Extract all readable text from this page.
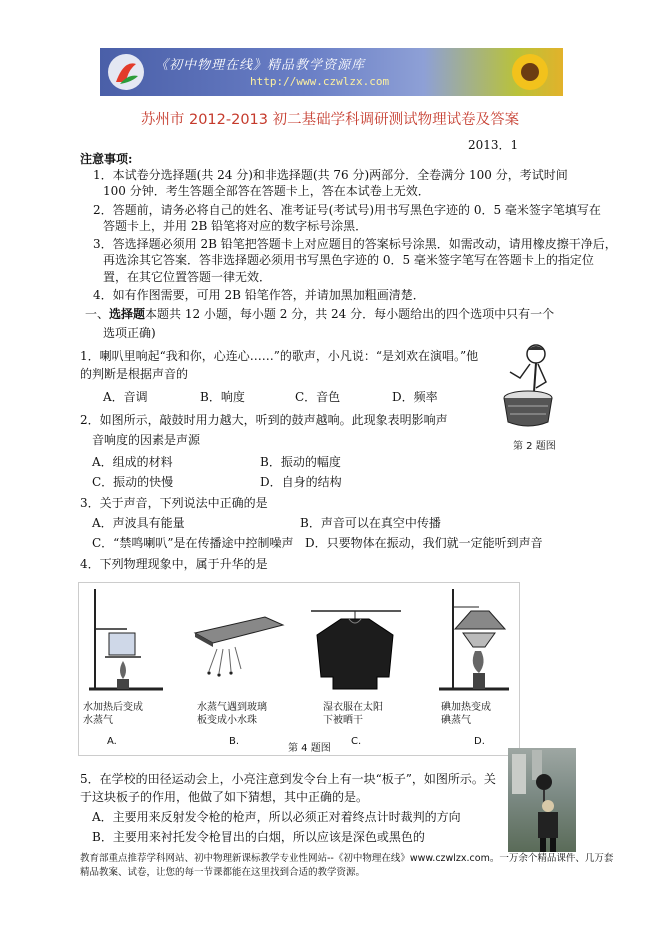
《初中物理在线》精品教学资源库
http://www.czwlzx.com
苏州市 2012-2013 初二基础学科调研测试物理试卷及答案
2013．1
注意事项:
1．本试卷分选择题(共 24 分)和非选择题(共 76 分)两部分．全卷满分 100 分，考试时间
100 分钟．考生答题全部答在答题卡上，答在本试卷上无效．
2．答题前，请务必将自己的姓名、准考证号(考试号)用书写黑色字迹的 0．5 毫米签字笔填写在
答题卡上，并用 2B 铅笔将对应的数字标号涂黑．
3．答选择题必须用 2B 铅笔把答题卡上对应题目的答案标号涂黑．如需改动，请用橡皮擦干净后，
再选涂其它答案．答非选择题必须用书写黑色字迹的 0．5 毫米签字笔写在答题卡上的指定位
置，在其它位置答题一律无效．
4．如有作图需要，可用 2B 铅笔作答，并请加黑加粗画清楚．
一、选择题本题共 12 小题，每小题 2 分，共 24 分．每小题给出的四个选项中只有一个
选项正确)
1．喇叭里响起“我和你，心连心……”的歌声，小凡说：“是刘欢在演唱。”他
的判断是根据声音的
A．音调	B．响度	C．音色	D．频率
第 2 题图
2．如图所示，敲鼓时用力越大，听到的鼓声越响。此现象表明影响声
音响度的因素是声源
A．组成的材料	B．振动的幅度
C．振动的快慢	D．自身的结构
3．关于声音，下列说法中正确的是
A．声波具有能量	B．声音可以在真空中传播
C．“禁鸣喇叭”是在传播途中控制噪声 D．只要物体在振动，我们就一定能听到声音
4．下列物理现象中，属于升华的是
水加热后变成
水蒸气
A.
水蒸气遇到玻璃
板变成小水珠
B.
湿衣服在太阳
下被晒干
C.
碘加热变成
碘蒸气
D.
第 4 题图
5．在学校的田径运动会上，小亮注意到发令台上有一块“板子”，如图所示。关
于这块板子的作用，他做了如下猜想，其中正确的是。
A．主要用来反射发令枪的枪声，所以必须正对着终点计时裁判的方向
B．主要用来衬托发令枪冒出的白烟，所以应该是深色或黑色的
教育部重点推荐学科网站、初中物理新课标教学专业性网站--《初中物理在线》www.czwlzx.com。一万余个精品课件、几万套精品教案、试卷，让您的每一节课都能在这里找到合适的教学资源。
